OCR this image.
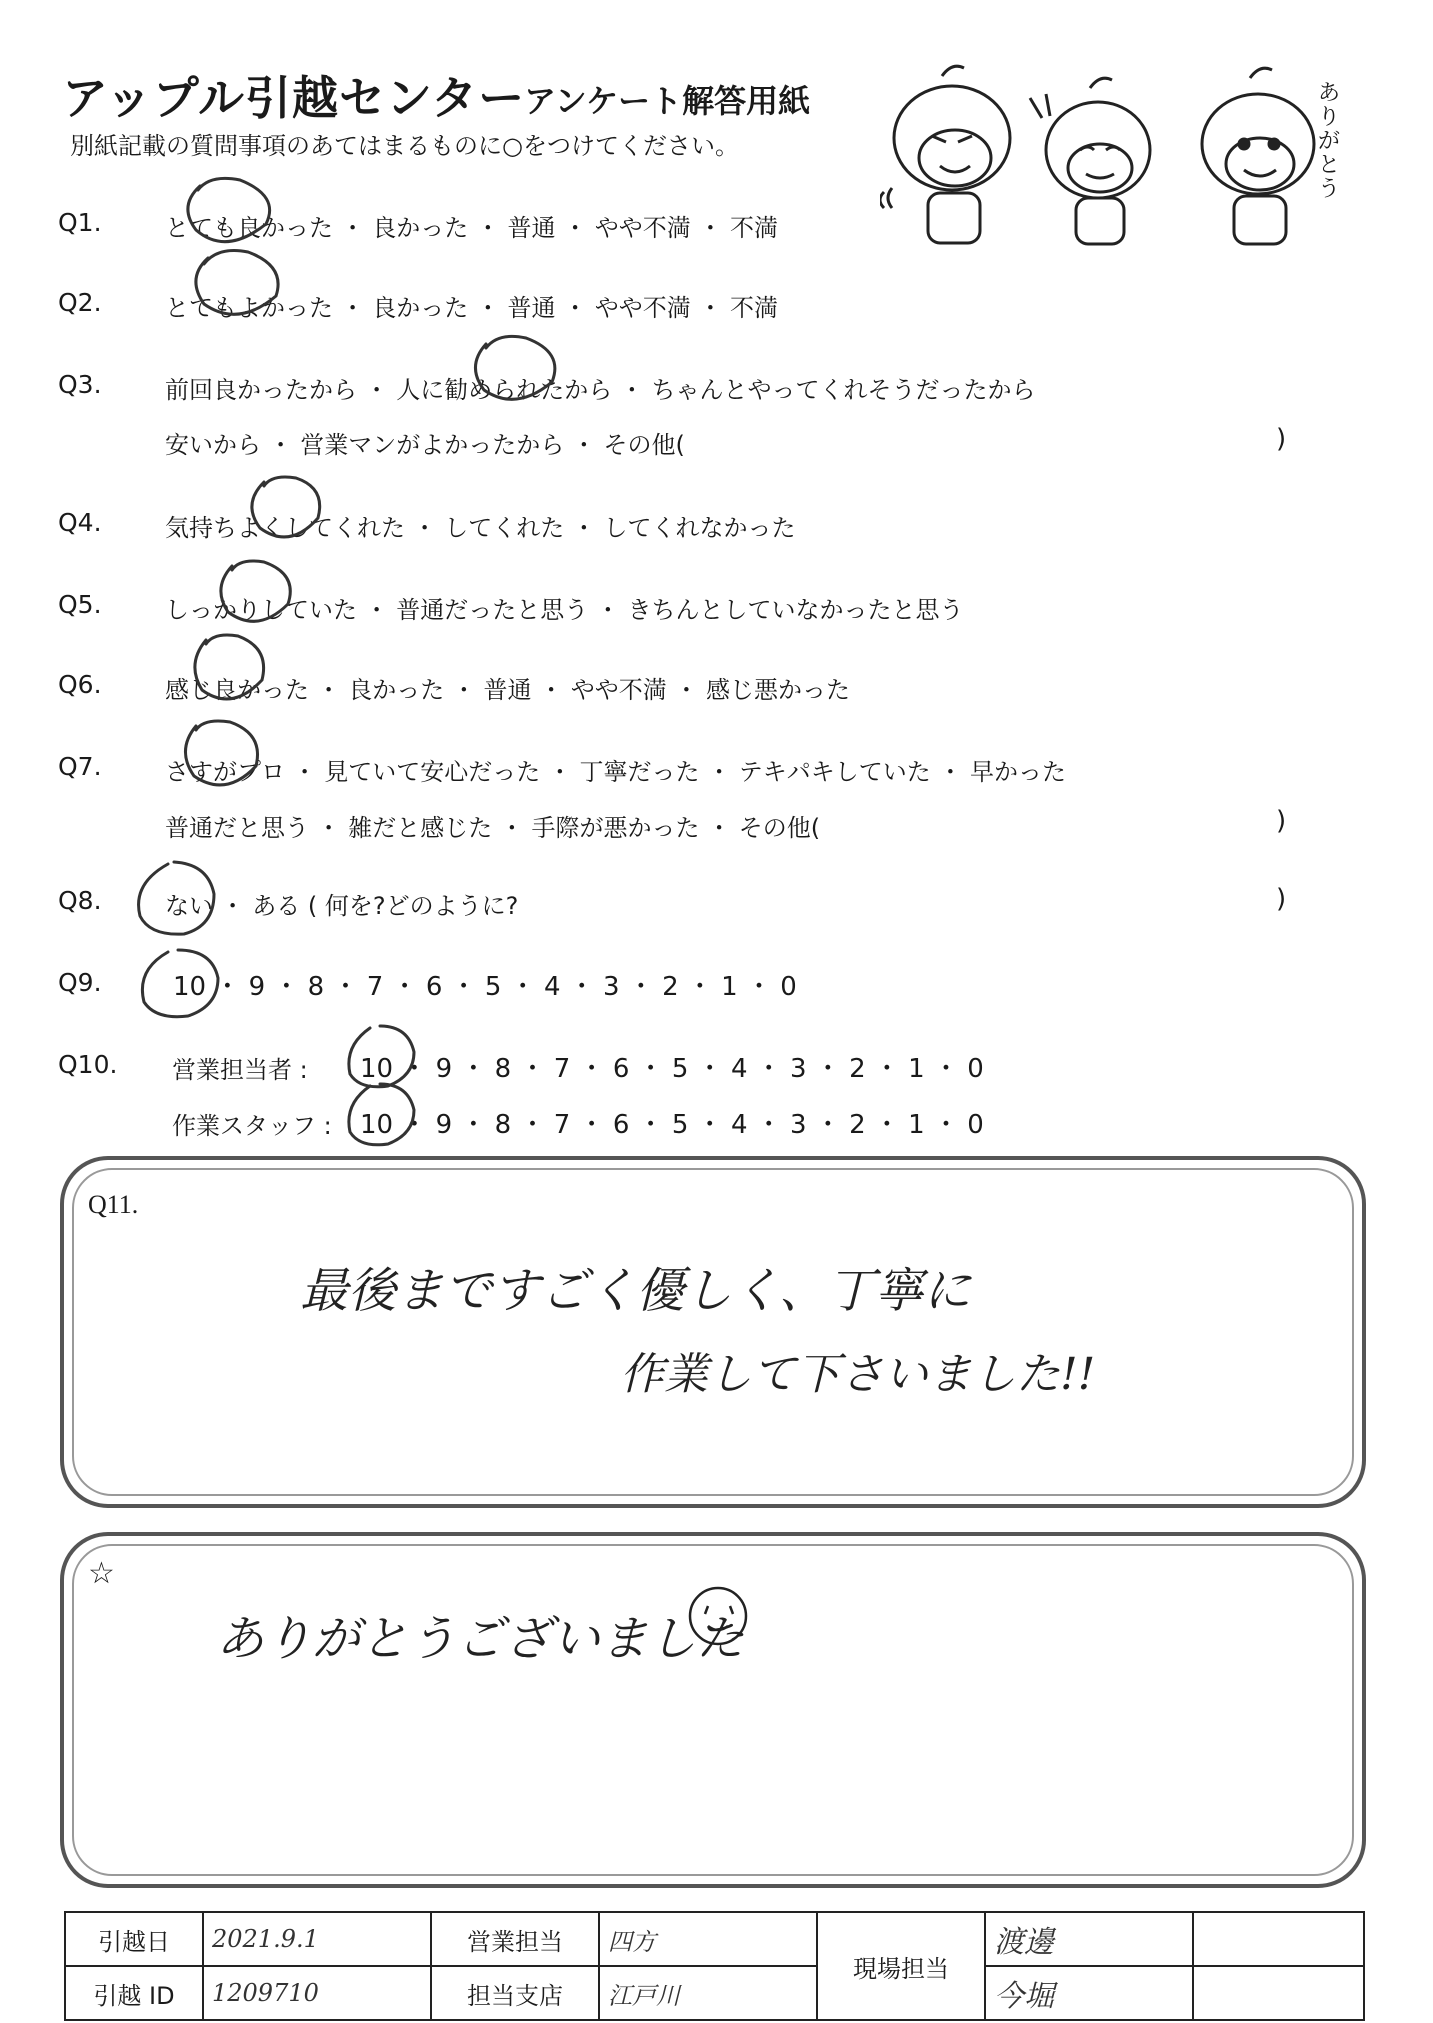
アップル引越センター
アンケート解答用紙
別紙記載の質問事項のあてはまるものに○をつけてください。
ありがとう
Q1.	とても良かった ・ 良かった ・ 普通 ・ やや不満 ・ 不満
Q2.	とてもよかった ・ 良かった ・ 普通 ・ やや不満 ・ 不満
Q3.	前回良かったから ・ 人に勧められたから ・ ちゃんとやってくれそうだったから
安いから ・ 営業マンがよかったから ・ その他(	)
Q4.	気持ちよくしてくれた ・ してくれた ・ してくれなかった
Q5.	しっかりしていた ・ 普通だったと思う ・ きちんとしていなかったと思う
Q6.	感じ良かった ・ 良かった ・ 普通 ・ やや不満 ・ 感じ悪かった
Q7.	さすがプロ ・ 見ていて安心だった ・ 丁寧だった ・ テキパキしていた ・ 早かった
普通だと思う ・ 雑だと感じた ・ 手際が悪かった ・ その他(	)
Q8.	ない ・ ある ( 何を?どのように?	)
Q9.	10 ・ 9 ・ 8 ・ 7 ・ 6 ・ 5 ・ 4 ・ 3 ・ 2 ・ 1 ・ 0
Q10. 営業担当者 : 10 ・ 9 ・ 8 ・ 7 ・ 6 ・ 5 ・ 4 ・ 3 ・ 2 ・ 1 ・ 0
作業スタッフ : 10 ・ 9 ・ 8 ・ 7 ・ 6 ・ 5 ・ 4 ・ 3 ・ 2 ・ 1 ・ 0
Q11.
最後まですごく優しく、丁寧に
作業して下さいました!!
☆
ありがとうございました
引越日	2021.9.1	営業担当	四方	現場担当	渡邊	
引越 ID	1209710	担当支店	江戸川		今堀	
